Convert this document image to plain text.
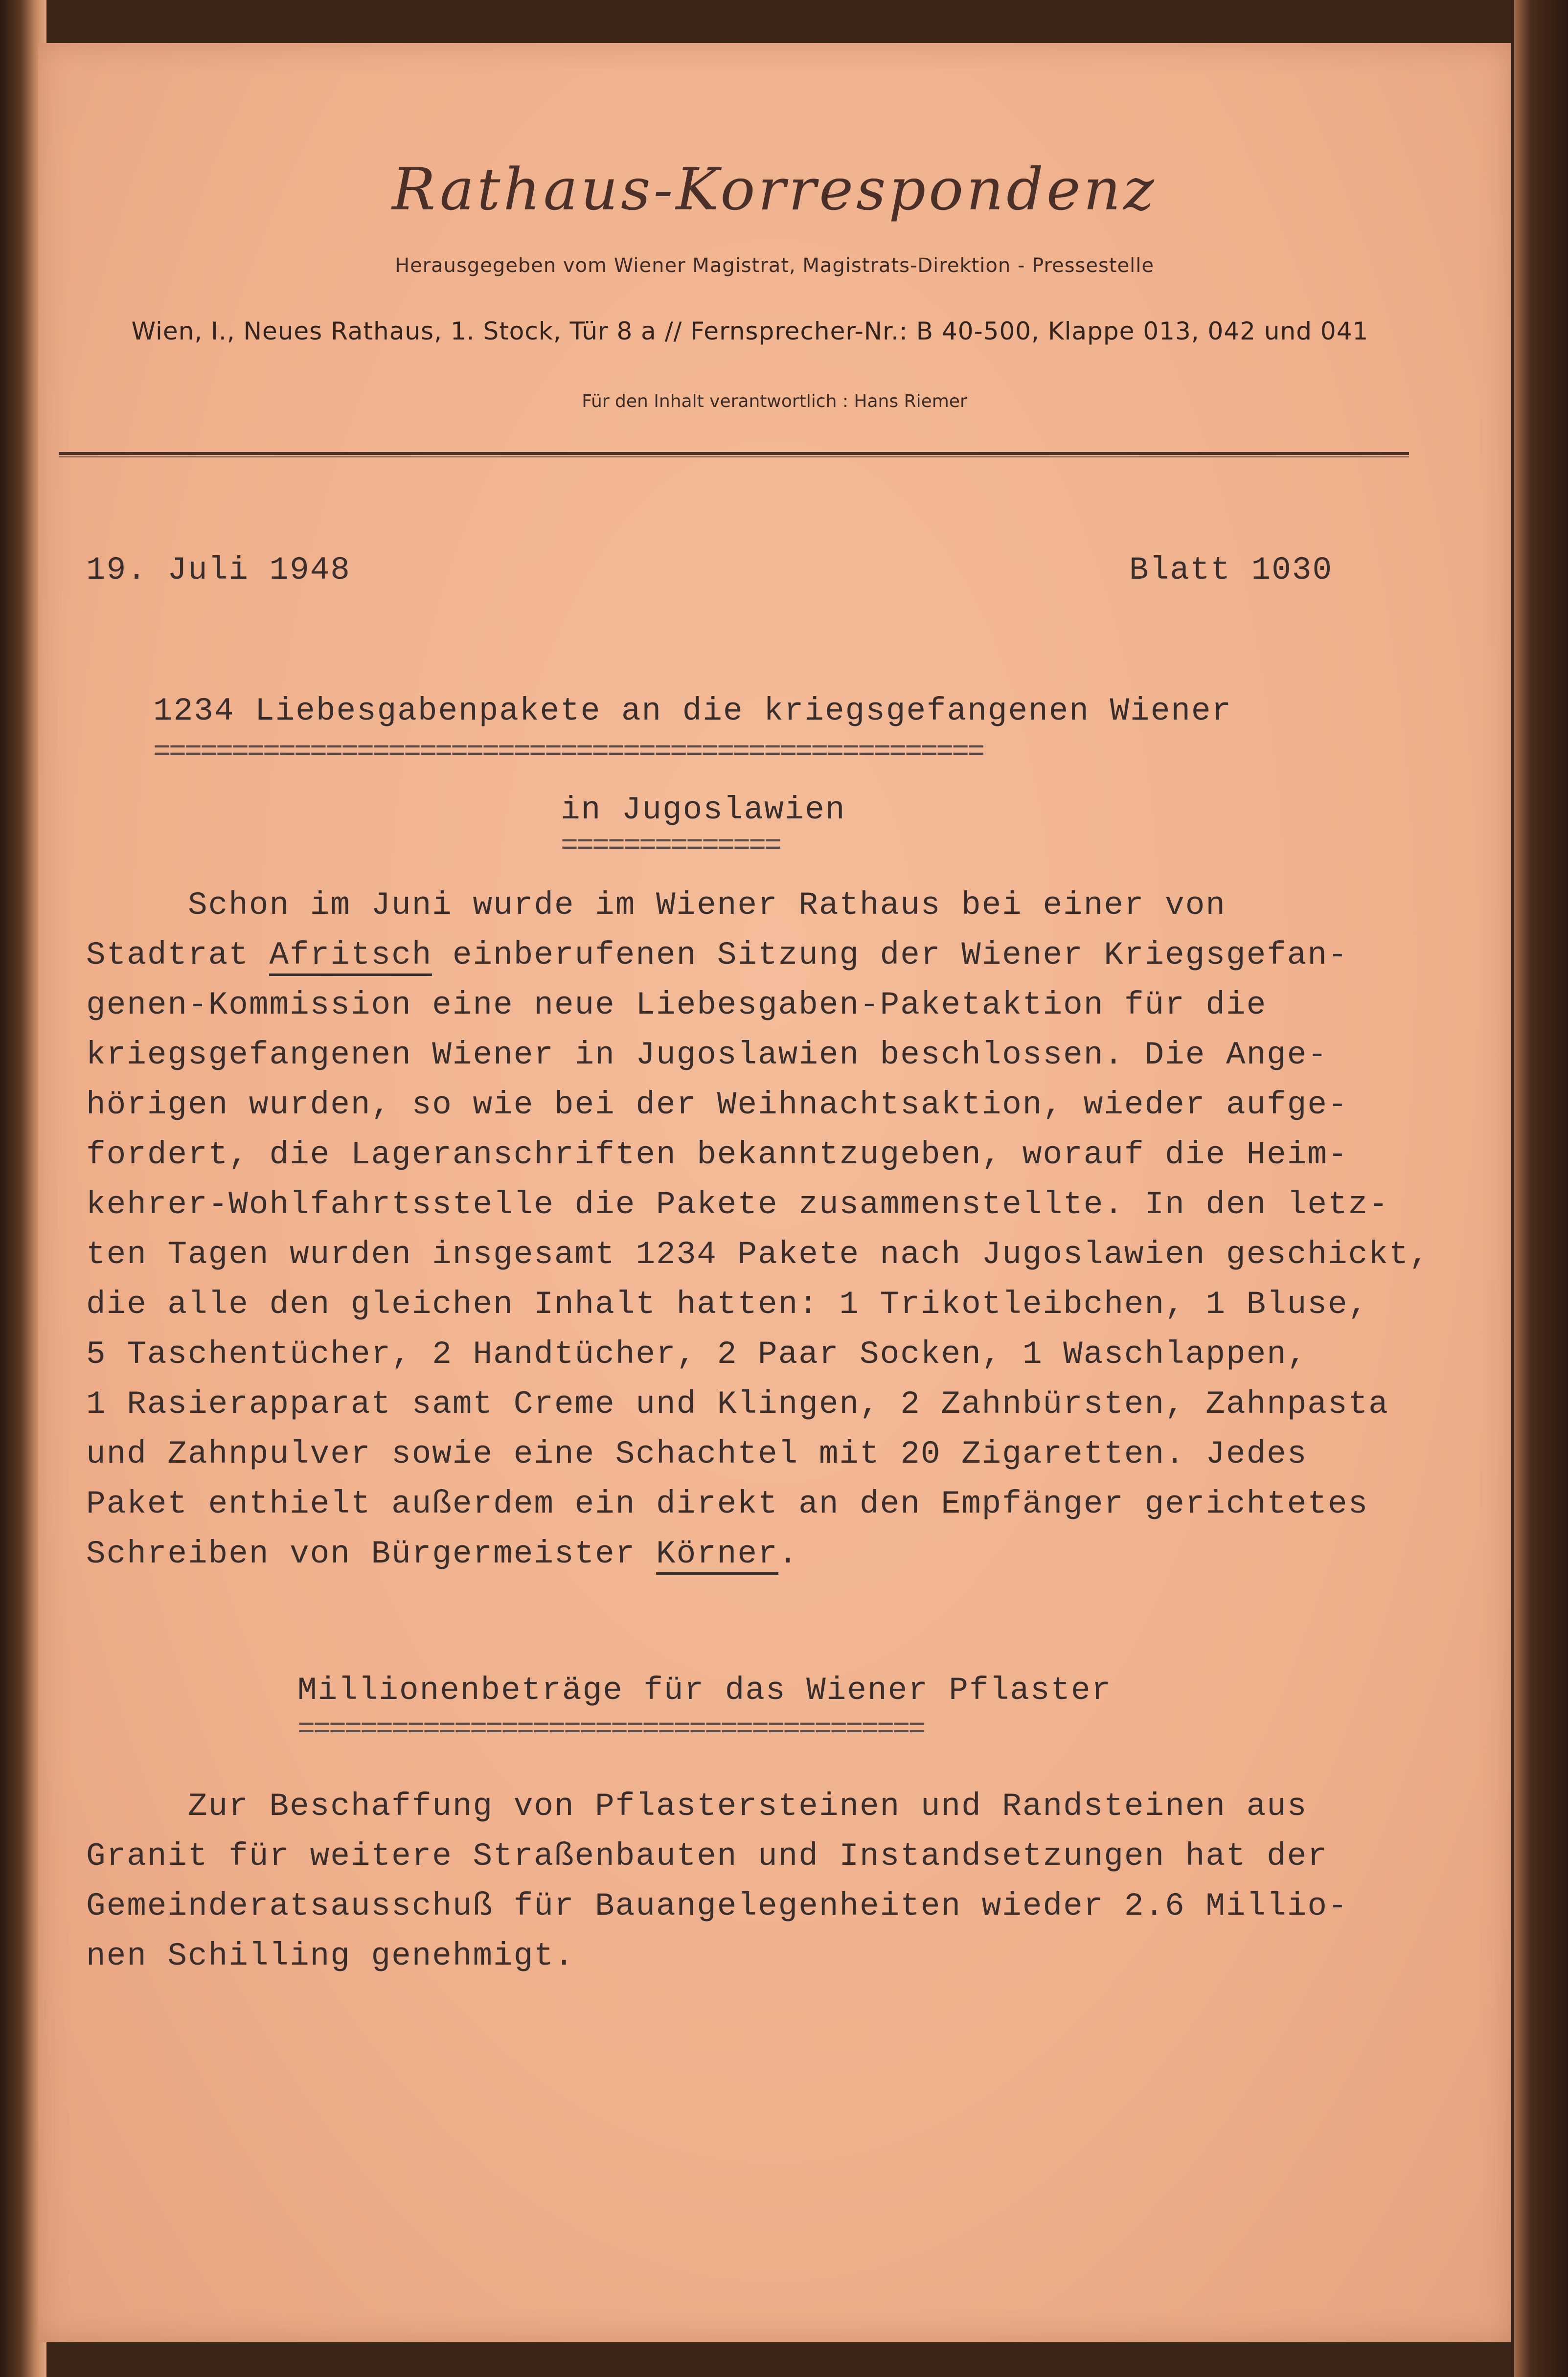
Rathaus-Korrespondenz
Herausgegeben vom Wiener Magistrat, Magistrats-Direktion - Pressestelle
Wien, I., Neues Rathaus, 1. Stock, Tür 8 a // Fernsprecher-Nr.: B 40-500, Klappe 013, 042 und 041
Für den Inhalt verantwortlich : Hans Riemer
19. Juli 1948	Blatt 1030
1234 Liebesgabenpakete an die kriegsgefangenen Wiener
=====================================================
in Jugoslawien
==============
Schon im Juni wurde im Wiener Rathaus bei einer von
Stadtrat Afritsch einberufenen Sitzung der Wiener Kriegsgefan-
genen-Kommission eine neue Liebesgaben-Paketaktion für die
kriegsgefangenen Wiener in Jugoslawien beschlossen. Die Ange-
hörigen wurden, so wie bei der Weihnachtsaktion, wieder aufge-
fordert, die Lageranschriften bekanntzugeben, worauf die Heim-
kehrer-Wohlfahrtsstelle die Pakete zusammenstellte. In den letz-
ten Tagen wurden insgesamt 1234 Pakete nach Jugoslawien geschickt,
die alle den gleichen Inhalt hatten: 1 Trikotleibchen, 1 Bluse,
5 Taschentücher, 2 Handtücher, 2 Paar Socken, 1 Waschlappen,
1 Rasierapparat samt Creme und Klingen, 2 Zahnbürsten, Zahnpasta
und Zahnpulver sowie eine Schachtel mit 20 Zigaretten. Jedes
Paket enthielt außerdem ein direkt an den Empfänger gerichtetes
Schreiben von Bürgermeister Körner.
Millionenbeträge für das Wiener Pflaster
========================================
Zur Beschaffung von Pflastersteinen und Randsteinen aus
Granit für weitere Straßenbauten und Instandsetzungen hat der
Gemeinderatsausschuß für Bauangelegenheiten wieder 2.6 Millio-
nen Schilling genehmigt.
